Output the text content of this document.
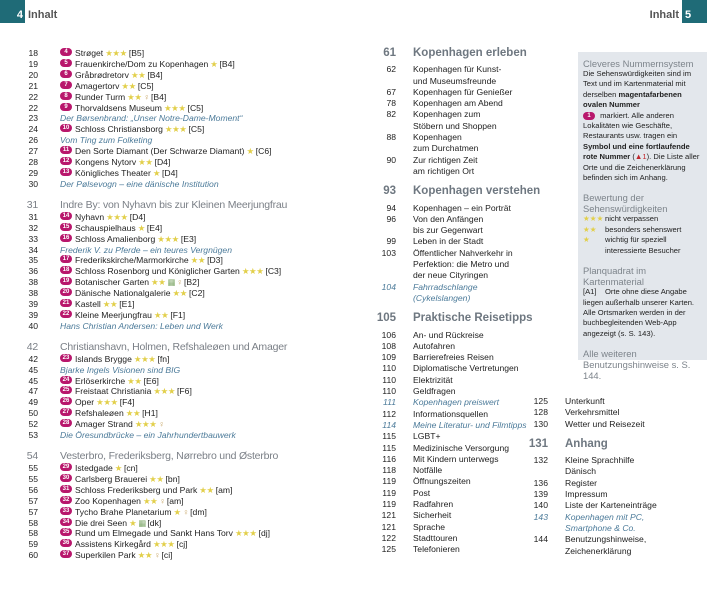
4 Inhalt	Inhalt 5
18	4 Strøget ★★★ [B5]
19	5 Frauenkirche/Dom zu Kopenhagen ★ [B4]
20	6 Gråbrødretorv ★★ [B4]
21	7 Amagertorv ★★ [C5]
22	8 Runder Turm ★★ ♀ [B4]
22	9 Thorvaldsens Museum ★★★ [C5]
23	Der Børsenbrand: „Unser Notre-Dame-Moment“
24	10 Schloss Christiansborg ★★★ [C5]
26	Vom Ting zum Folketing
27	11 Den Sorte Diamant (Der Schwarze Diamant) ★ [C6]
28	12 Kongens Nytorv ★★ [D4]
29	13 Königliches Theater ★ [D4]
30	Der Pølsevogn – eine dänische Institution
31	Indre By: von Nyhavn bis zur Kleinen Meerjungfrau
31	14 Nyhavn ★★★ [D4]
32	15 Schauspielhaus ★ [E4]
33	16 Schloss Amalienborg ★★★ [E3]
34	Frederik V. zu Pferde – ein teures Vergnügen
35	17 Frederikskirche/Marmorkirche ★★ [D3]
36	18 Schloss Rosenborg und Königlicher Garten ★★★ [C3]
38	19 Botanischer Garten ★★ ▦ ♀ [B2]
38	20 Dänische Nationalgalerie ★★ [C2]
39	21 Kastell ★★ [E1]
39	22 Kleine Meerjungfrau ★★ [F1]
40	Hans Christian Andersen: Leben und Werk
42	Christianshavn, Holmen, Refshaleøen und Amager
42	23 Islands Brygge ★★★ [fn]
45	Bjarke Ingels Visionen sind BIG
45	24 Erlöserkirche ★★ [E6]
47	25 Freistaat Christiania ★★★ [F6]
49	26 Oper ★★★ [F4]
50	27 Refshaleøen ★★ [H1]
52	28 Amager Strand ★★★ ♀
53	Die Öresundbrücke – ein Jahrhundertbauwerk
54	Vesterbro, Frederiksberg, Nørrebro und Østerbro
55	29 Istedgade ★ [cn]
55	30 Carlsberg Brauerei ★★ [bn]
56	31 Schloss Frederiksberg und Park ★★ [am]
57	32 Zoo Kopenhagen ★★ ♀ [am]
57	33 Tycho Brahe Planetarium ★ ♀ [dm]
58	34 Die drei Seen ★ ▦ [dk]
58	35 Rund um Elmegade und Sankt Hans Torv ★★★ [dj]
59	36 Assistens Kirkegård ★★★ [cj]
60	37 Superkilen Park ★★ ♀ [ci]
61	Kopenhagen erleben
62	Kopenhagen für Kunst-
und Museumsfreunde
67	Kopenhagen für Genießer
78	Kopenhagen am Abend
82	Kopenhagen zum
Stöbern und Shoppen
88	Kopenhagen
zum Durchatmen
90	Zur richtigen Zeit
am richtigen Ort
93	Kopenhagen verstehen
94	Kopenhagen – ein Porträt
96	Von den Anfängen
bis zur Gegenwart
99	Leben in der Stadt
103	Öffentlicher Nahverkehr in
Perfektion: die Metro und
der neue Cityringen
104	Fahrradschlange
(Cykelslangen)
105	Praktische Reisetipps
106	An- und Rückreise
108	Autofahren
109	Barrierefreies Reisen
110	Diplomatische Vertretungen
110	Elektrizität
110	Geldfragen
111	Kopenhagen preiswert
112	Informationsquellen
114	Meine Literatur- und Filmtipps
115	LGBT+
115	Medizinische Versorgung
116	Mit Kindern unterwegs
118	Notfälle
119	Öffnungszeiten
119	Post
119	Radfahren
121	Sicherheit
121	Sprache
122	Stadttouren
125	Telefonieren
125	Unterkunft
128	Verkehrsmittel
130	Wetter und Reisezeit
131	Anhang
132	Kleine Sprachhilfe
Dänisch
136	Register
139	Impressum
140	Liste der Karteneinträge
143	Kopenhagen mit PC,
Smartphone & Co.
144	Benutzungshinweise,
Zeichenerklärung
Cleveres Nummernsystem
Die Sehenswürdigkeiten sind im Text und im Kartenmaterial mit derselben magentafarbenen ovalen Nummer
1 markiert. Alle anderen Lokalitäten wie Geschäfte, Restaurants usw. tragen ein Symbol und eine fortlaufende rote Nummer (▲1). Die Liste aller Orte und die Zeichenerklärung befinden sich im Anhang.
Bewertung der Sehenswürdigkeiten
★★★ nicht verpassen
★★	besonders sehenswert
★	wichtig für speziell interessierte Besucher
Planquadrat im Kartenmaterial
[A1]    Orte ohne diese Angabe liegen außerhalb unserer Karten. Alle Ortsmarken werden in der buchbegleitenden Web-App angezeigt (s. S. 143).
Alle weiteren Benutzungshinweise s. S. 144.
